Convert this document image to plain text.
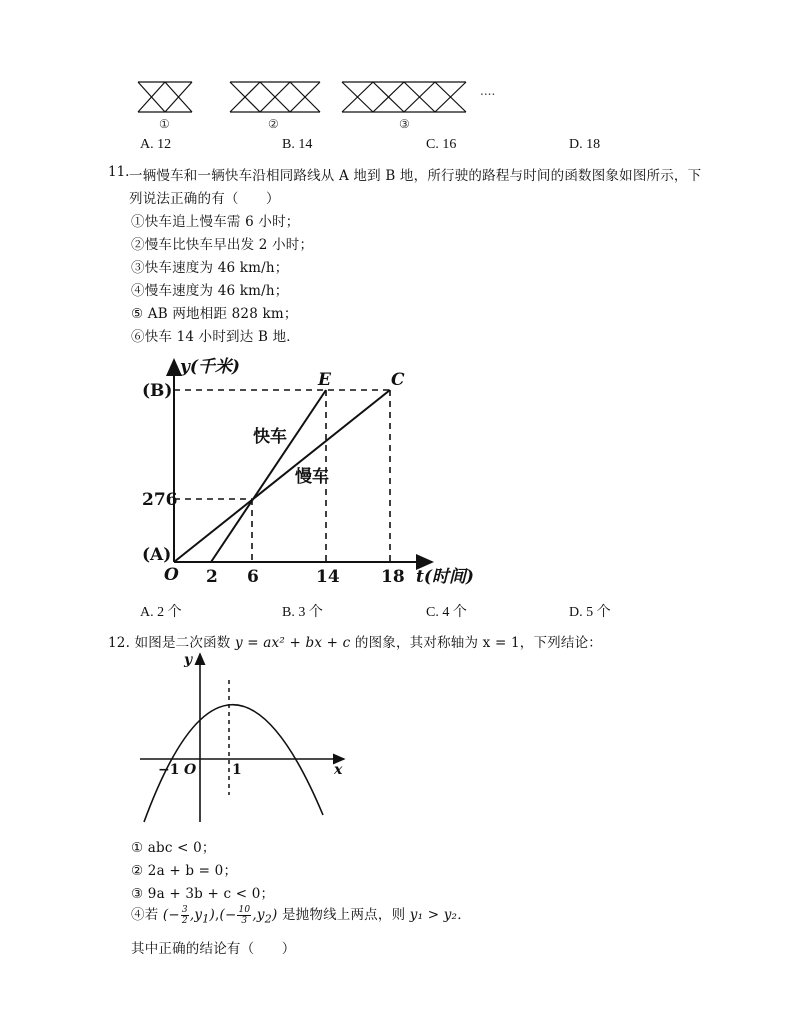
....
①	②	③
A. 12	B. 14	C. 16	D. 18
11. 一辆慢车和一辆快车沿相同路线从 A 地到 B 地，所行驶的路程与时间的函数图象如图所示，下
列说法正确的有（　　）
①快车追上慢车需 6 小时；
②慢车比快车早出发 2 小时；
③快车速度为 46 km/h；
④慢车速度为 46 km/h；
⑤ AB 两地相距 828 km；
⑥快车 14 小时到达 B 地．
y(千米)
(B)
276
(A)
O 2 6	14 18 t(时间)
E	C
快车
慢车
A. 2 个	B. 3 个	C. 4 个	D. 5 个
12. 如图是二次函数 y = ax² + bx + c 的图象，其对称轴为 x = 1，下列结论：
y
x
O
−1	1
① abc < 0；
② 2a + b = 0；
③ 9a + 3b + c < 0；
④若 (− $\frac{3}{2} ,y_1),(- \frac{10}{3} ,y_2)$ 是抛物线上两点，则 y₁ > y₂．
其中正确的结论有（　　）
